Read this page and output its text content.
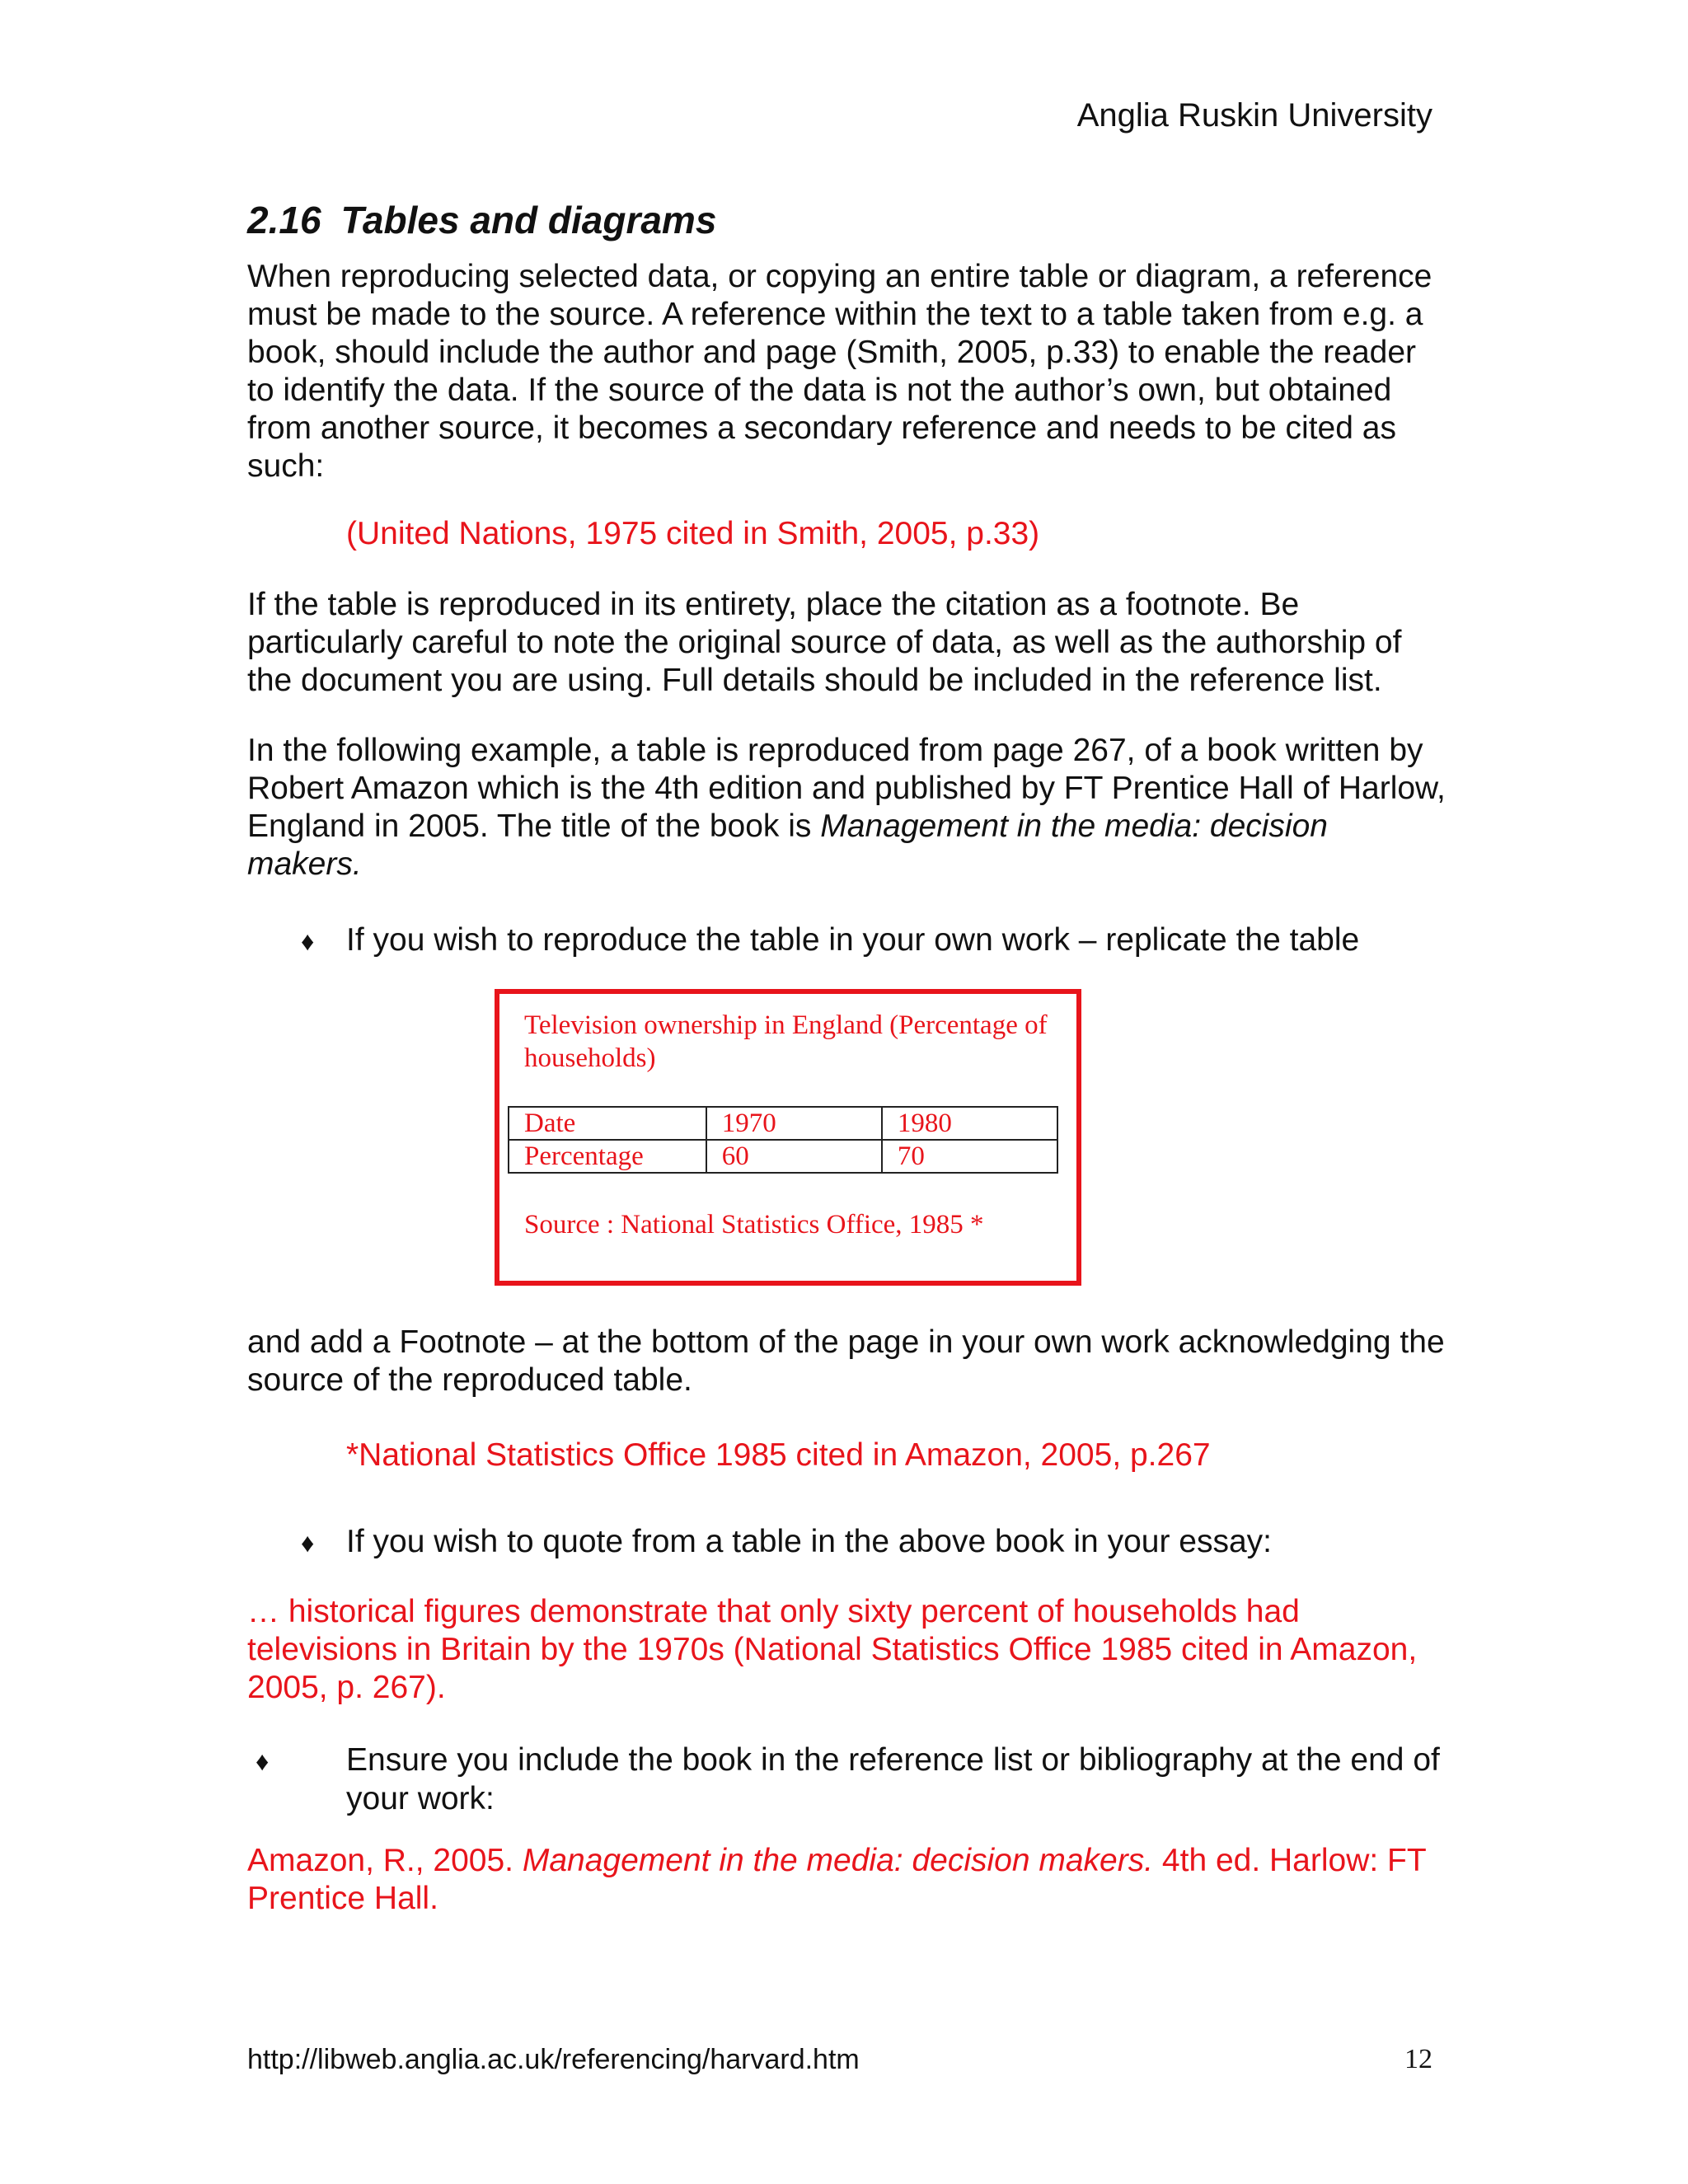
Anglia Ruskin University
2.16 Tables and diagrams

When reproducing selected data, or copying an entire table or diagram, a reference must be made to the source. A reference within the text to a table taken from e.g. a book, should include the author and page (Smith, 2005, p.33) to enable the reader to identify the data. If the source of the data is not the author’s own, but obtained from another source, it becomes a secondary reference and needs to be cited as such:

(United Nations, 1975 cited in Smith, 2005, p.33)

If the table is reproduced in its entirety, place the citation as a footnote. Be particularly careful to note the original source of data, as well as the authorship of the document you are using. Full details should be included in the reference list.

In the following example, a table is reproduced from page 267, of a book written by Robert Amazon which is the 4th edition and published by FT Prentice Hall of Harlow, England in 2005. The title of the book is Management in the media: decision makers.

♦ If you wish to reproduce the table in your own work – replicate the table
Television ownership in England (Percentage of households)
Date	1970	1980
Percentage	60	70
Source : National Statistics Office, 1985 *

and add a Footnote – at the bottom of the page in your own work acknowledging the source of the reproduced table.

*National Statistics Office 1985 cited in Amazon, 2005, p.267

♦ If you wish to quote from a table in the above book in your essay:

… historical figures demonstrate that only sixty percent of households had televisions in Britain by the 1970s (National Statistics Office 1985 cited in Amazon, 2005, p. 267).

♦ Ensure you include the book in the reference list or bibliography at the end of your work:

Amazon, R., 2005. Management in the media: decision makers. 4th ed. Harlow: FT Prentice Hall.

http://libweb.anglia.ac.uk/referencing/harvard.htm	12
